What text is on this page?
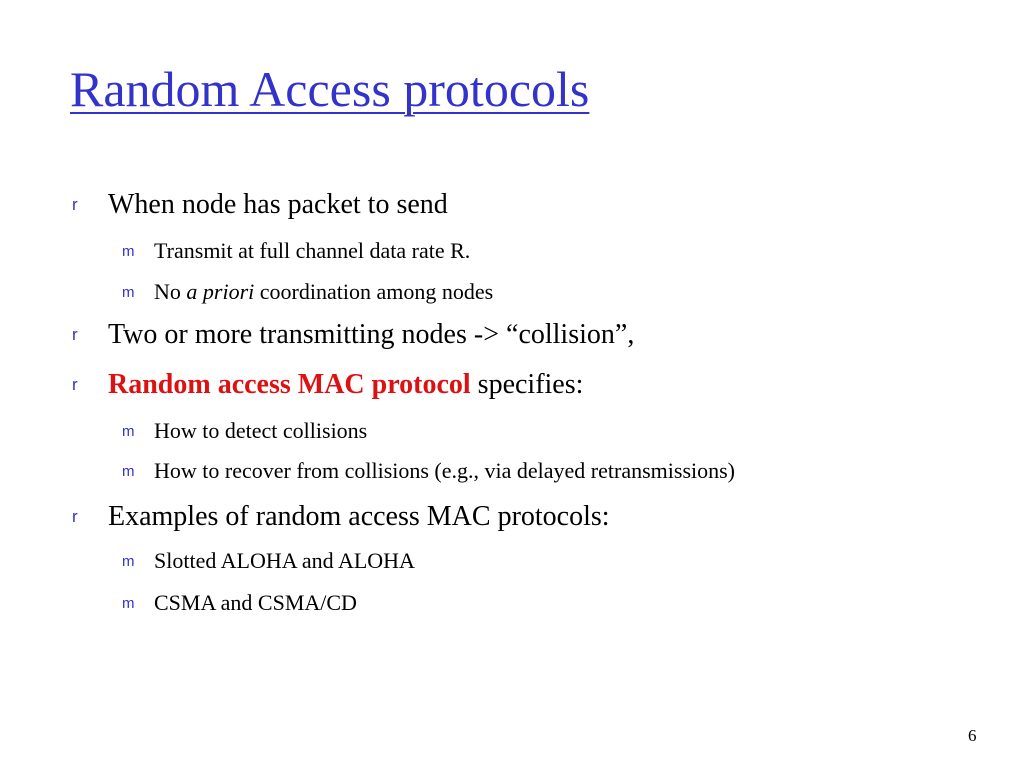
Random Access protocols
r When node has packet to send
m Transmit at full channel data rate R.
m No a priori coordination among nodes
r Two or more transmitting nodes -> “collision”,
r Random access MAC protocol specifies:
m How to detect collisions
m How to recover from collisions (e.g., via delayed retransmissions)
r Examples of random access MAC protocols:
m Slotted ALOHA and ALOHA
m CSMA and CSMA/CD
6
